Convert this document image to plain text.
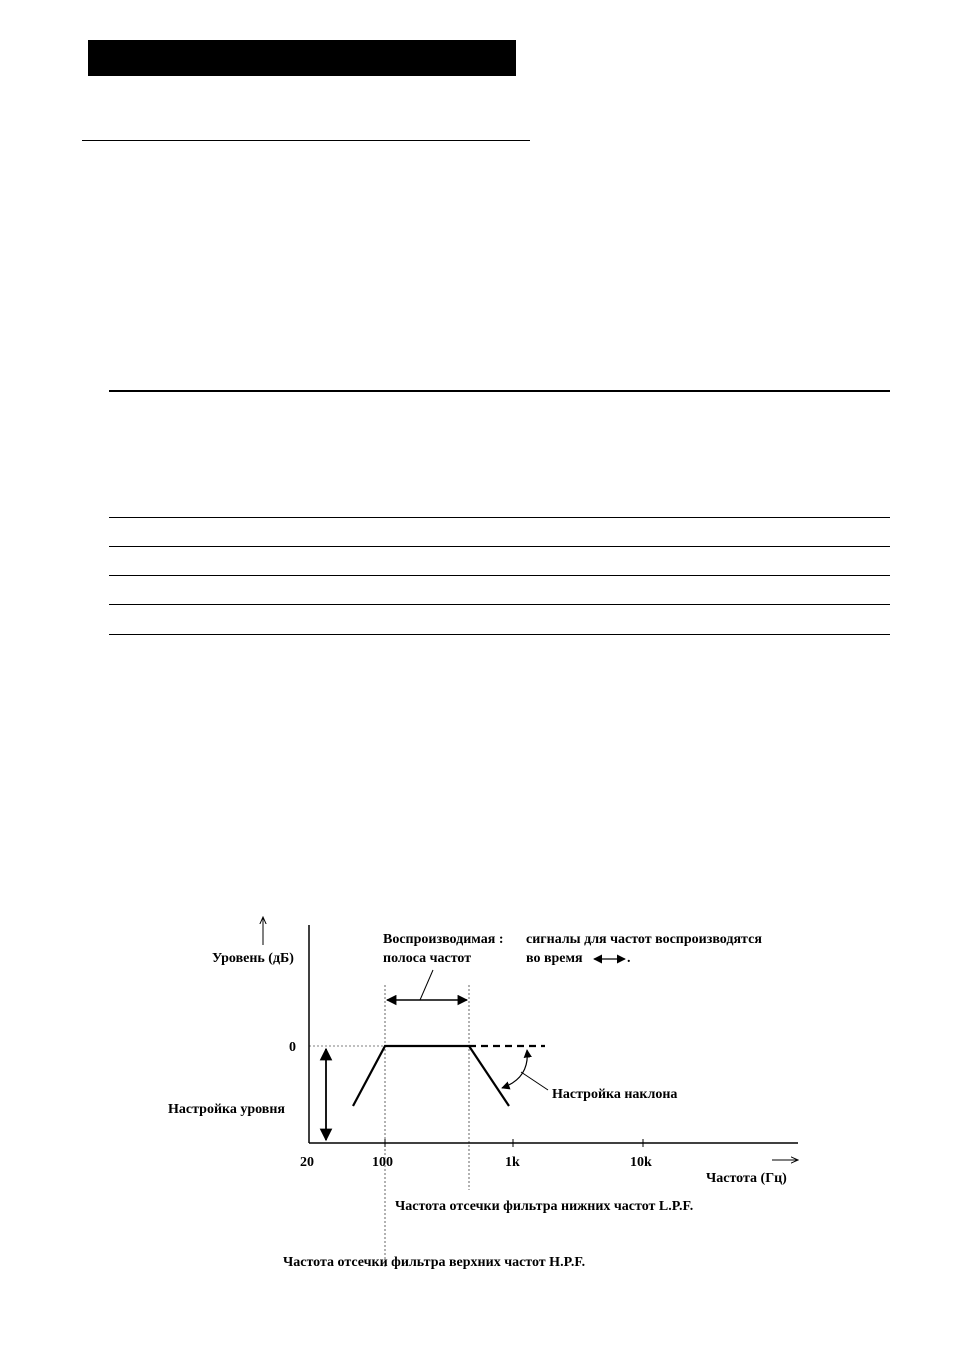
Уровень (дБ)
0
Настройка уровня
Воспроизводимая :
полоса частот
сигналы для частот воспроизводятся
во время	.
Настройка наклона
20	100	1k	10k
Частота (Гц)
Частота отсечки фильтра нижних частот L.P.F.
Частота отсечки фильтра верхних частот H.P.F.
